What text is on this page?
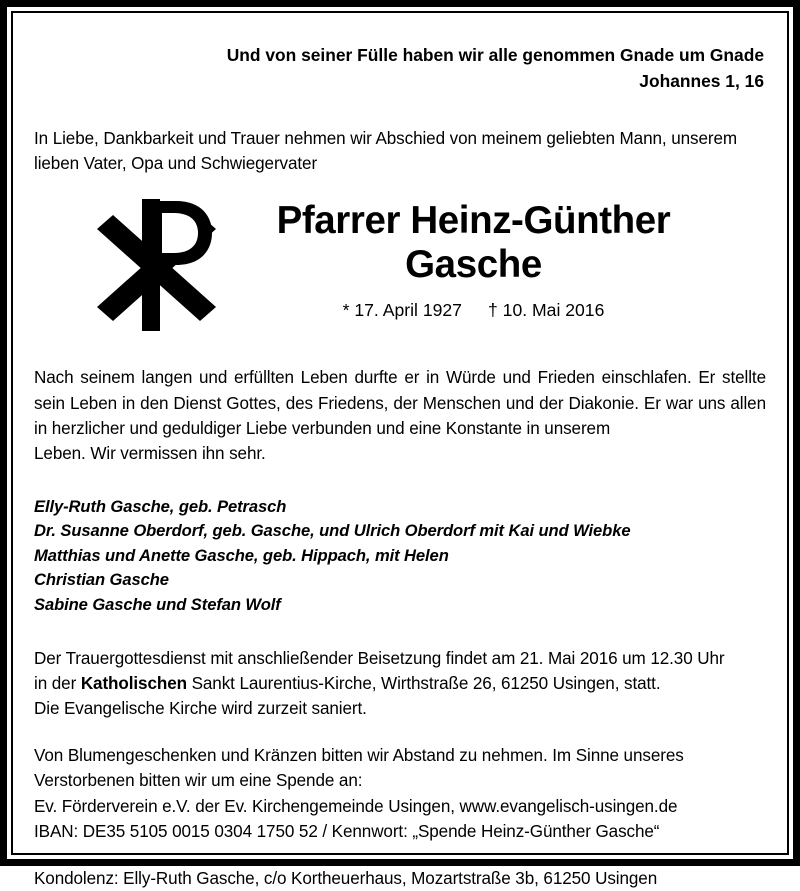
Und von seiner Fülle haben wir alle genommen Gnade um Gnade
Johannes 1, 16
In Liebe, Dankbarkeit und Trauer nehmen wir Abschied von meinem geliebten Mann, unserem lieben Vater, Opa und Schwiegervater
Pfarrer Heinz-Günther
Gasche
* 17. April 1927 † 10. Mai 2016
Nach seinem langen und erfüllten Leben durfte er in Würde und Frieden einschlafen. Er stellte sein Leben in den Dienst Gottes, des Friedens, der Menschen und der Diakonie. Er war uns allen in herzlicher und geduldiger Liebe verbunden und eine Konstante in unserem
Leben. Wir vermissen ihn sehr.
Elly-Ruth Gasche, geb. Petrasch
Dr. Susanne Oberdorf, geb. Gasche, und Ulrich Oberdorf mit Kai und Wiebke
Matthias und Anette Gasche, geb. Hippach, mit Helen
Christian Gasche
Sabine Gasche und Stefan Wolf
Der Trauergottesdienst mit anschließender Beisetzung findet am 21. Mai 2016 um 12.30 Uhr
in der Katholischen Sankt Laurentius-Kirche, Wirthstraße 26, 61250 Usingen, statt.
Die Evangelische Kirche wird zurzeit saniert.
Von Blumengeschenken und Kränzen bitten wir Abstand zu nehmen. Im Sinne unseres
Verstorbenen bitten wir um eine Spende an:
Ev. Förderverein e.V. der Ev. Kirchengemeinde Usingen, www.evangelisch-usingen.de
IBAN: DE35 5105 0015 0304 1750 52 / Kennwort: „Spende Heinz-Günther Gasche“
Kondolenz: Elly-Ruth Gasche, c/o Kortheuerhaus, Mozartstraße 3b, 61250 Usingen
